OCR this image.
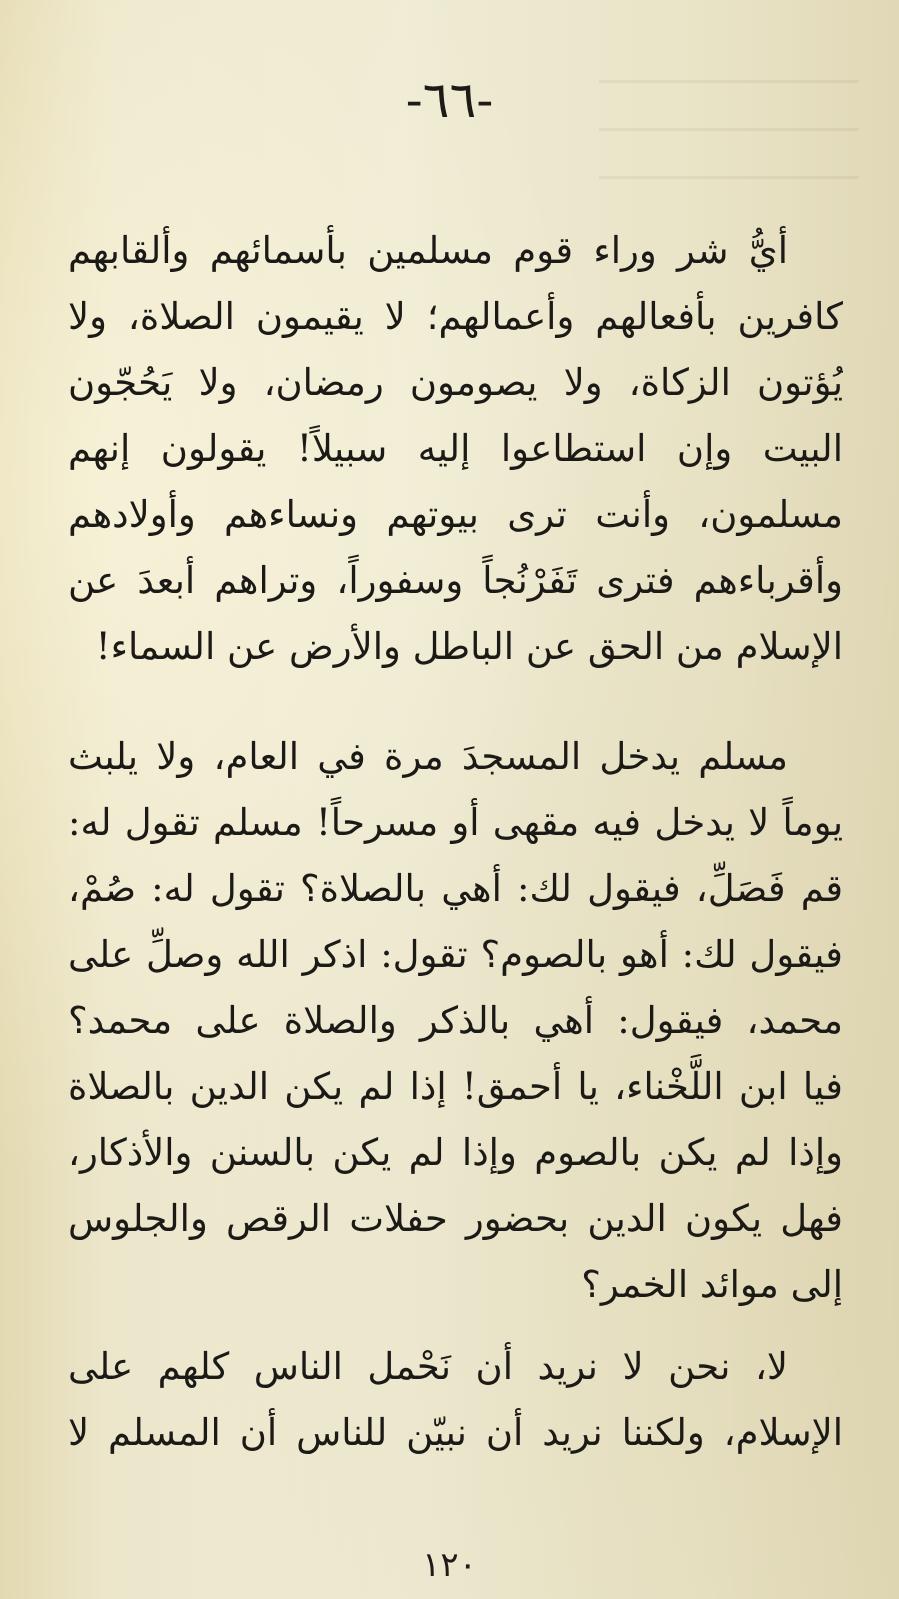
-٦٦-
أيُّ شر وراء قوم مسلمين بأسمائهم وألقابهم
كافرين بأفعالهم وأعمالهم؛ لا يقيمون الصلاة، ولا
يُؤتون الزكاة، ولا يصومون رمضان، ولا يَحُجّون
البيت وإن استطاعوا إليه سبيلاً! يقولون إنهم
مسلمون، وأنت ترى بيوتهم ونساءهم وأولادهم
وأقرباءهم فترى تَفَرْنُجاً وسفوراً، وتراهم أبعدَ عن
الإسلام من الحق عن الباطل والأرض عن السماء!
مسلم يدخل المسجدَ مرة في العام، ولا يلبث
يوماً لا يدخل فيه مقهى أو مسرحاً! مسلم تقول له:
قم فَصَلِّ، فيقول لك: أهي بالصلاة؟ تقول له: صُمْ،
فيقول لك: أهو بالصوم؟ تقول: اذكر الله وصلِّ على
محمد، فيقول: أهي بالذكر والصلاة على محمد؟
فيا ابن اللَّخْناء، يا أحمق! إذا لم يكن الدين بالصلاة
وإذا لم يكن بالصوم وإذا لم يكن بالسنن والأذكار،
فهل يكون الدين بحضور حفلات الرقص والجلوس
إلى موائد الخمر؟
لا، نحن لا نريد أن نَحْمل الناس كلهم على
الإسلام، ولكننا نريد أن نبيّن للناس أن المسلم لا
١٢٠
